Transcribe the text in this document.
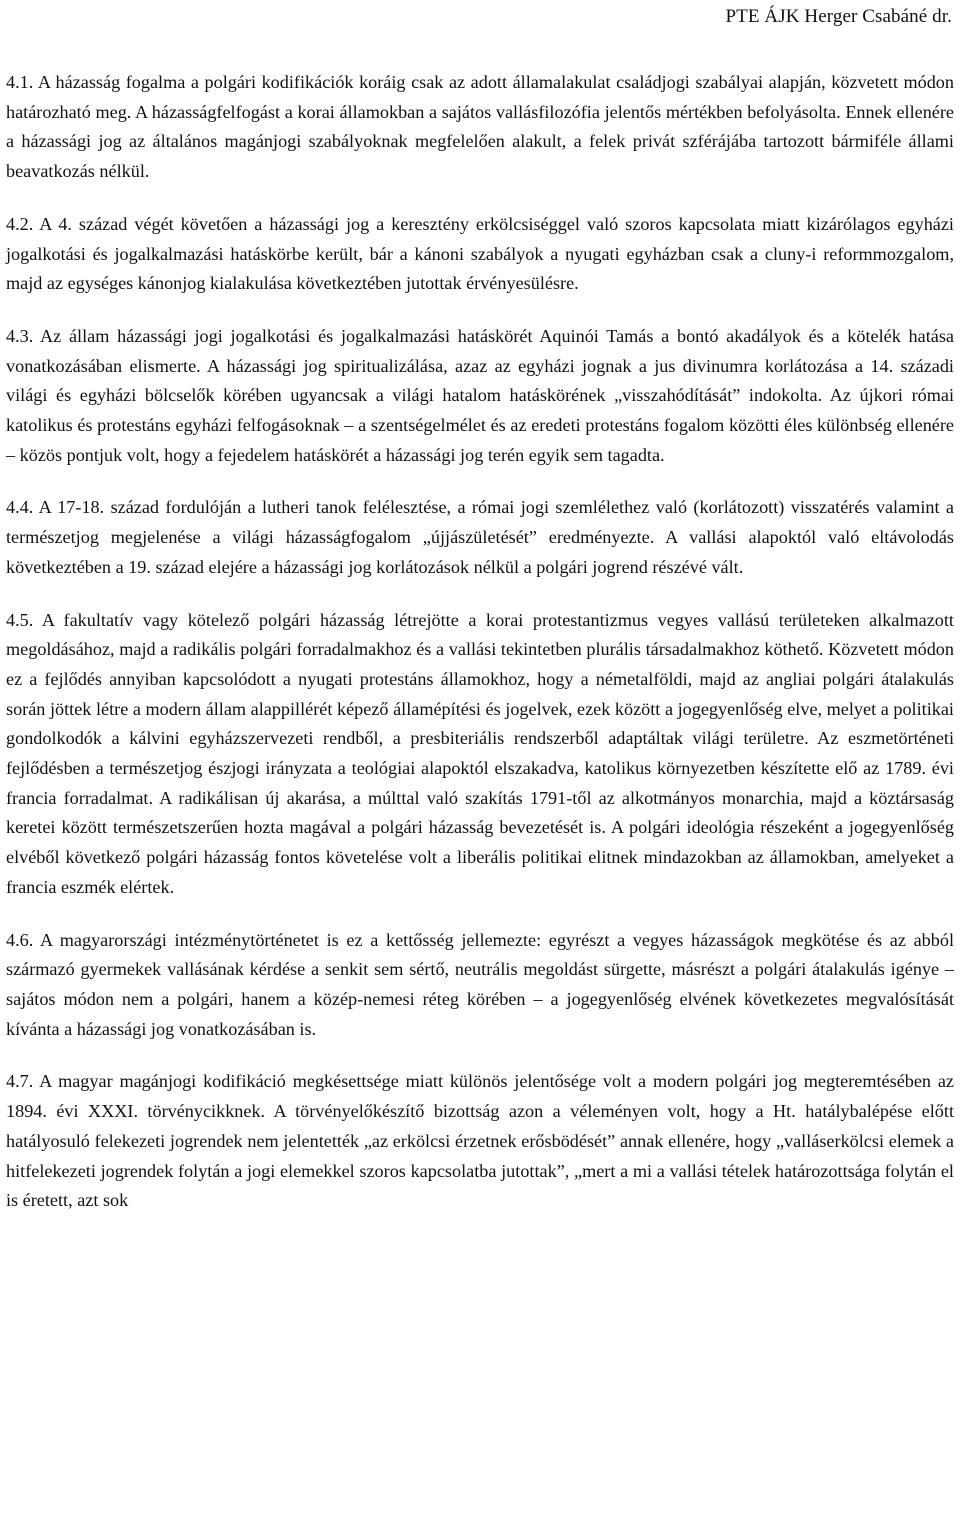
PTE ÁJK Herger Csabáné dr.

4.1. A házasság fogalma a polgári kodifikációk koráig csak az adott államalakulat családjogi szabályai alapján, közvetett módon határozható meg. A házasságfelfogást a korai államokban a sajátos vallásfilozófia jelentős mértékben befolyásolta. Ennek ellenére a házassági jog az általános magánjogi szabályoknak megfelelően alakult, a felek privát szférájába tartozott bármiféle állami beavatkozás nélkül.

4.2. A 4. század végét követően a házassági jog a keresztény erkölcsiséggel való szoros kapcsolata miatt kizárólagos egyházi jogalkotási és jogalkalmazási hatáskörbe került, bár a kánoni szabályok a nyugati egyházban csak a cluny-i reformmozgalom, majd az egységes kánonjog kialakulása következtében jutottak érvényesülésre.

4.3. Az állam házassági jogi jogalkotási és jogalkalmazási hatáskörét Aquinói Tamás a bontó akadályok és a kötelék hatása vonatkozásában elismerte. A házassági jog spiritualizálása, azaz az egyházi jognak a jus divinumra korlátozása a 14. századi világi és egyházi bölcselők körében ugyancsak a világi hatalom hatáskörének „visszahódítását” indokolta. Az újkori római katolikus és protestáns egyházi felfogásoknak – a szentségelmélet és az eredeti protestáns fogalom közötti éles különbség ellenére – közös pontjuk volt, hogy a fejedelem hatáskörét a házassági jog terén egyik sem tagadta.

4.4. A 17-18. század fordulóján a lutheri tanok felélesztése, a római jogi szemlélethez való (korlátozott) visszatérés valamint a természetjog megjelenése a világi házasságfogalom „újjászületését” eredményezte. A vallási alapoktól való eltávolodás következtében a 19. század elejére a házassági jog korlátozások nélkül a polgári jogrend részévé vált.

4.5. A fakultatív vagy kötelező polgári házasság létrejötte a korai protestantizmus vegyes vallású területeken alkalmazott megoldásához, majd a radikális polgári forradalmakhoz és a vallási tekintetben plurális társadalmakhoz köthető. Közvetett módon ez a fejlődés annyiban kapcsolódott a nyugati protestáns államokhoz, hogy a németalföldi, majd az angliai polgári átalakulás során jöttek létre a modern állam alappillérét képező államépítési és jogelvek, ezek között a jogegyenlőség elve, melyet a politikai gondolkodók a kálvini egyházszervezeti rendből, a presbiteriális rendszerből adaptáltak világi területre. Az eszmetörténeti fejlődésben a természetjog észjogi irányzata a teológiai alapoktól elszakadva, katolikus környezetben készítette elő az 1789. évi francia forradalmat. A radikálisan új akarása, a múlttal való szakítás 1791-től az alkotmányos monarchia, majd a köztársaság keretei között természetszerűen hozta magával a polgári házasság bevezetését is. A polgári ideológia részeként a jogegyenlőség elvéből következő polgári házasság fontos követelése volt a liberális politikai elitnek mindazokban az államokban, amelyeket a francia eszmék elértek.

4.6. A magyarországi intézménytörténetet is ez a kettősség jellemezte: egyrészt a vegyes házasságok megkötése és az abból származó gyermekek vallásának kérdése a senkit sem sértő, neutrális megoldást sürgette, másrészt a polgári átalakulás igénye – sajátos módon nem a polgári, hanem a közép-nemesi réteg körében – a jogegyenlőség elvének következetes megvalósítását kívánta a házassági jog vonatkozásában is.

4.7. A magyar magánjogi kodifikáció megkésettsége miatt különös jelentősége volt a modern polgári jog megteremtésében az 1894. évi XXXI. törvénycikknek. A törvényelőkészítő bizottság azon a véleményen volt, hogy a Ht. hatálybalépése előtt hatályosuló felekezeti jogrendek nem jelentették „az erkölcsi érzetnek erősbödését” annak ellenére, hogy „valláserkölcsi elemek a hitfelekezeti jogrendek folytán a jogi elemekkel szoros kapcsolatba jutottak”, „mert a mi a vallási tételek határozottsága folytán el is éretett, azt sok
